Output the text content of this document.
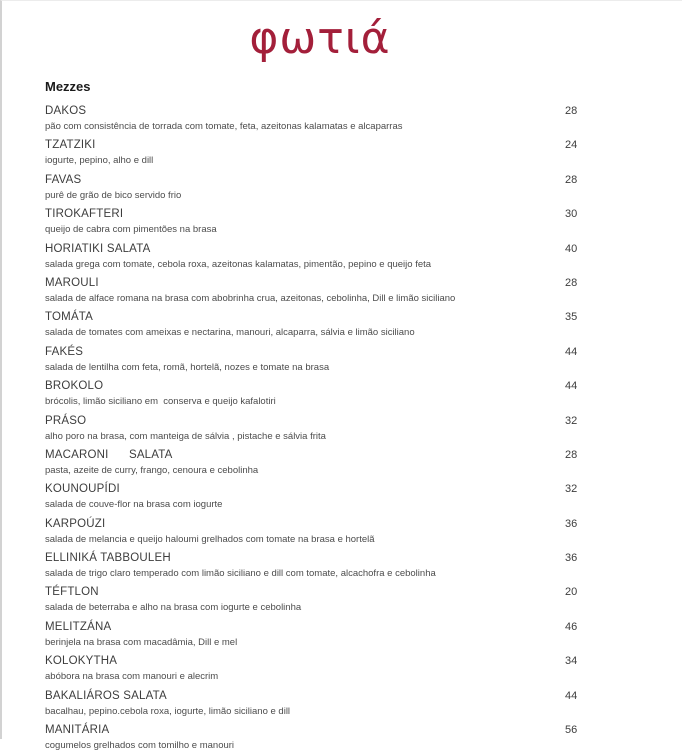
φωτιά
Mezzes
DAKOS	28
pão com consistência de torrada com tomate, feta, azeitonas kalamatas e alcaparras
TZATZIKI	24
iogurte, pepino, alho e dill
FAVAS	28
purê de grão de bico servido frio
TIROKAFTERI	30
queijo de cabra com pimentões na brasa
HORIATIKI SALATA	40
salada grega com tomate, cebola roxa, azeitonas kalamatas, pimentão, pepino e queijo feta
MAROULI	28
salada de alface romana na brasa com abobrinha crua, azeitonas, cebolinha, Dill e limão siciliano
TOMÁTA	35
salada de tomates com ameixas e nectarina, manouri, alcaparra, sálvia e limão siciliano
FAKÉS	44
salada de lentilha com feta, romã, hortelã, nozes e tomate na brasa
BROKOLO	44
brócolis, limão siciliano em  conserva e queijo kafalotiri
PRÁSO	32
alho poro na brasa, com manteiga de sálvia , pistache e sálvia frita
MACARONI      SALATA	28
pasta, azeite de curry, frango, cenoura e cebolinha
KOUNOUPÍDI	32
salada de couve-flor na brasa com iogurte
KARPOÚZI	36
salada de melancia e queijo haloumi grelhados com tomate na brasa e hortelã
ELLINIKÁ TABBOULEH	36
salada de trigo claro temperado com limão siciliano e dill com tomate, alcachofra e cebolinha
TÉFTLON	20
salada de beterraba e alho na brasa com iogurte e cebolinha
MELITZÁNA	46
berinjela na brasa com macadâmia, Dill e mel
KOLOKYTHA	34
abóbora na brasa com manouri e alecrim
BAKALIÁROS SALATA	44
bacalhau, pepino.cebola roxa, iogurte, limão siciliano e dill
MANITÁRIA	56
cogumelos grelhados com tomilho e manouri
